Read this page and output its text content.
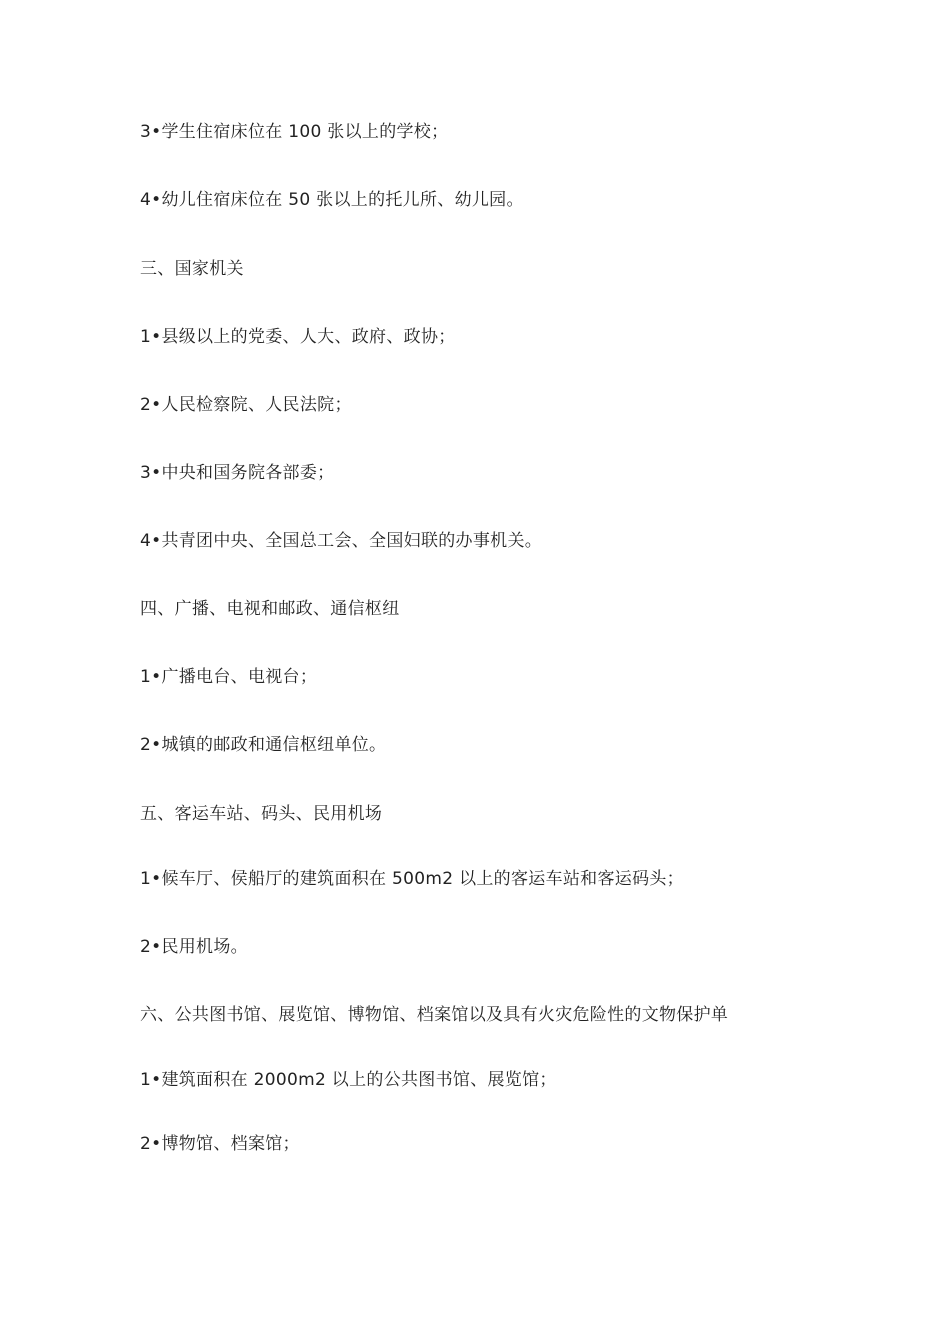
3•学生住宿床位在 100 张以上的学校；
4•幼儿住宿床位在 50 张以上的托儿所、幼儿园。
三、国家机关
1•县级以上的党委、人大、政府、政协；
2•人民检察院、人民法院；
3•中央和国务院各部委；
4•共青团中央、全国总工会、全国妇联的办事机关。
四、广播、电视和邮政、通信枢纽
1•广播电台、电视台；
2•城镇的邮政和通信枢纽单位。
五、客运车站、码头、民用机场
1•候车厅、侯船厅的建筑面积在 500m2 以上的客运车站和客运码头；
2•民用机场。
六、公共图书馆、展览馆、博物馆、档案馆以及具有火灾危险性的文物保护单
1•建筑面积在 2000m2 以上的公共图书馆、展览馆；
2•博物馆、档案馆；
